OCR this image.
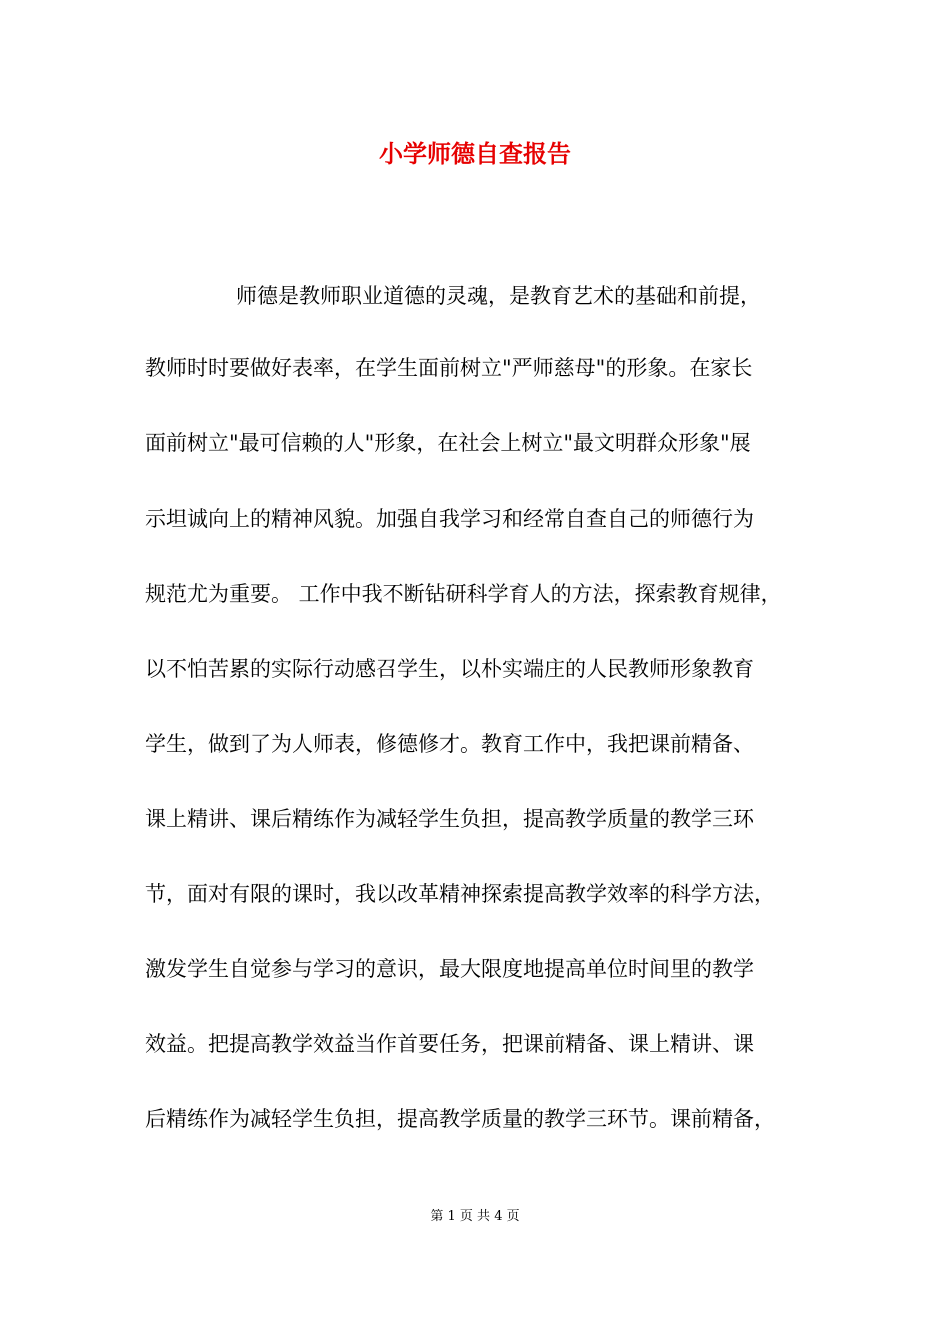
小学师德自查报告
师德是教师职业道德的灵魂，是教育艺术的基础和前提，
教师时时要做好表率，在学生面前树立"严师慈母"的形象。在家长
面前树立"最可信赖的人"形象，在社会上树立"最文明群众形象"展
示坦诚向上的精神风貌。加强自我学习和经常自查自己的师德行为
规范尤为重要。 工作中我不断钻研科学育人的方法，探索教育规律，
以不怕苦累的实际行动感召学生，以朴实端庄的人民教师形象教育
学生，做到了为人师表，修德修才。教育工作中，我把课前精备、
课上精讲、课后精练作为减轻学生负担，提高教学质量的教学三环
节，面对有限的课时，我以改革精神探索提高教学效率的科学方法，
激发学生自觉参与学习的意识，最大限度地提高单位时间里的教学
效益。把提高教学效益当作首要任务，把课前精备、课上精讲、课
后精练作为减轻学生负担，提高教学质量的教学三环节。课前精备，
第 1 页 共 4 页
